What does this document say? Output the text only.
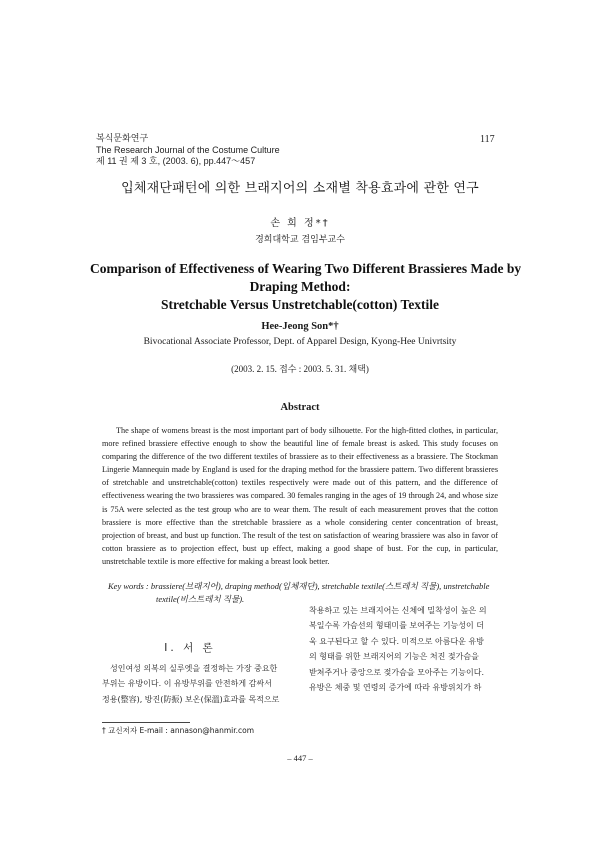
복식문화연구
The Research Journal of the Costume Culture
제 11 권 제 3 호, (2003. 6), pp.447～457
117
입체재단패턴에 의한 브래지어의 소재별 착용효과에 관한 연구
손 희 정*†
경희대학교 겸임부교수
Comparison of Effectiveness of Wearing Two Different Brassieres Made by
Draping Method:
Stretchable Versus Unstretchable(cotton) Textile
Hee-Jeong Son*†
Bivocational Associate Professor, Dept. of Apparel Design, Kyong-Hee Univrtsity
(2003. 2. 15. 접수 : 2003. 5. 31. 채택)
Abstract
The shape of womens breast is the most important part of body silhouette. For the high-fitted clothes, in particular, more refined brassiere effective enough to show the beautiful line of female breast is asked. This study focuses on comparing the difference of the two different textiles of brassiere as to their effectiveness as a brassiere. The Stockman Lingerie Mannequin made by England is used for the draping method for the brassiere pattern. Two different brassieres of stretchable and unstretchable(cotton) textiles respectively were made out of this pattern, and the difference of effectiveness wearing the two brassieres was compared. 30 females ranging in the ages of 19 through 24, and whose size is 75A were selected as the test group who are to wear them. The result of each measurement proves that the cotton brassiere is more effective than the stretchable brassiere as a whole considering center concentration of breast, projection of breast, and bust up function. The result of the test on satisfaction of wearing brassiere was also in favor of cotton brassiere as to projection effect, bust up effect, making a good shape of bust. For the cup, in particular, unstretchable textile is more effective for making a breast look better.
Key words : brassiere(브래지어), draping method(입체재단), stretchable textile(스트레치 직물), unstretchable
textile(비스트레치 직물).
Ⅰ. 서 론
성인여성 의복의 실루엣을 결정하는 가장 중요한
부위는 유방이다. 이 유방부위를 안전하게 감싸서
정용(整容), 방진(防振) 보온(保溫)효과를 목적으로
착용하고 있는 브래지어는 신체에 밀착성이 높은 의
복일수록 가슴선의 형태미를 보여주는 기능성이 더
욱 요구된다고 할 수 있다. 미적으로 아름다운 유방
의 형태를 위한 브래지어의 기능은 처진 젖가슴을
받쳐주거나 중앙으로 젖가슴을 모아주는 기능이다.
유방은 체중 및 연령의 증가에 따라 유방위치가 하
† 교신저자 E-mail : annason@hanmir.com
– 447 –
